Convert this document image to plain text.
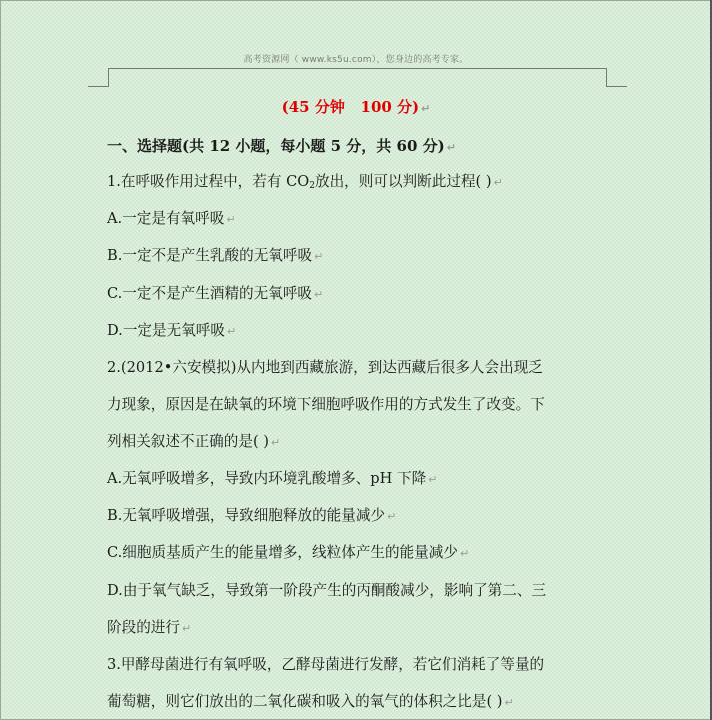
高考资源网（ www.ks5u.com），您身边的高考专家。
(45 分钟   100 分) ↵
一、选择题(共 12 小题，每小题 5 分，共 60 分) ↵
1.在呼吸作用过程中，若有 $CO_2$放出，则可以判断此过程( ) ↵
A.一定是有氧呼吸 ↵
B.一定不是产生乳酸的无氧呼吸 ↵
C.一定不是产生酒精的无氧呼吸 ↵
D.一定是无氧呼吸 ↵
2.(2012•六安模拟)从内地到西藏旅游，到达西藏后很多人会出现乏
力现象，原因是在缺氧的环境下细胞呼吸作用的方式发生了改变。下
列相关叙述不正确的是( ) ↵
A.无氧呼吸增多，导致内环境乳酸增多、pH 下降 ↵
B.无氧呼吸增强，导致细胞释放的能量减少 ↵
C.细胞质基质产生的能量增多，线粒体产生的能量减少 ↵
D.由于氧气缺乏，导致第一阶段产生的丙酮酸减少，影响了第二、三
阶段的进行 ↵
3.甲酵母菌进行有氧呼吸，乙酵母菌进行发酵，若它们消耗了等量的
葡萄糖，则它们放出的二氧化碳和吸入的氧气的体积之比是( ) ↵
